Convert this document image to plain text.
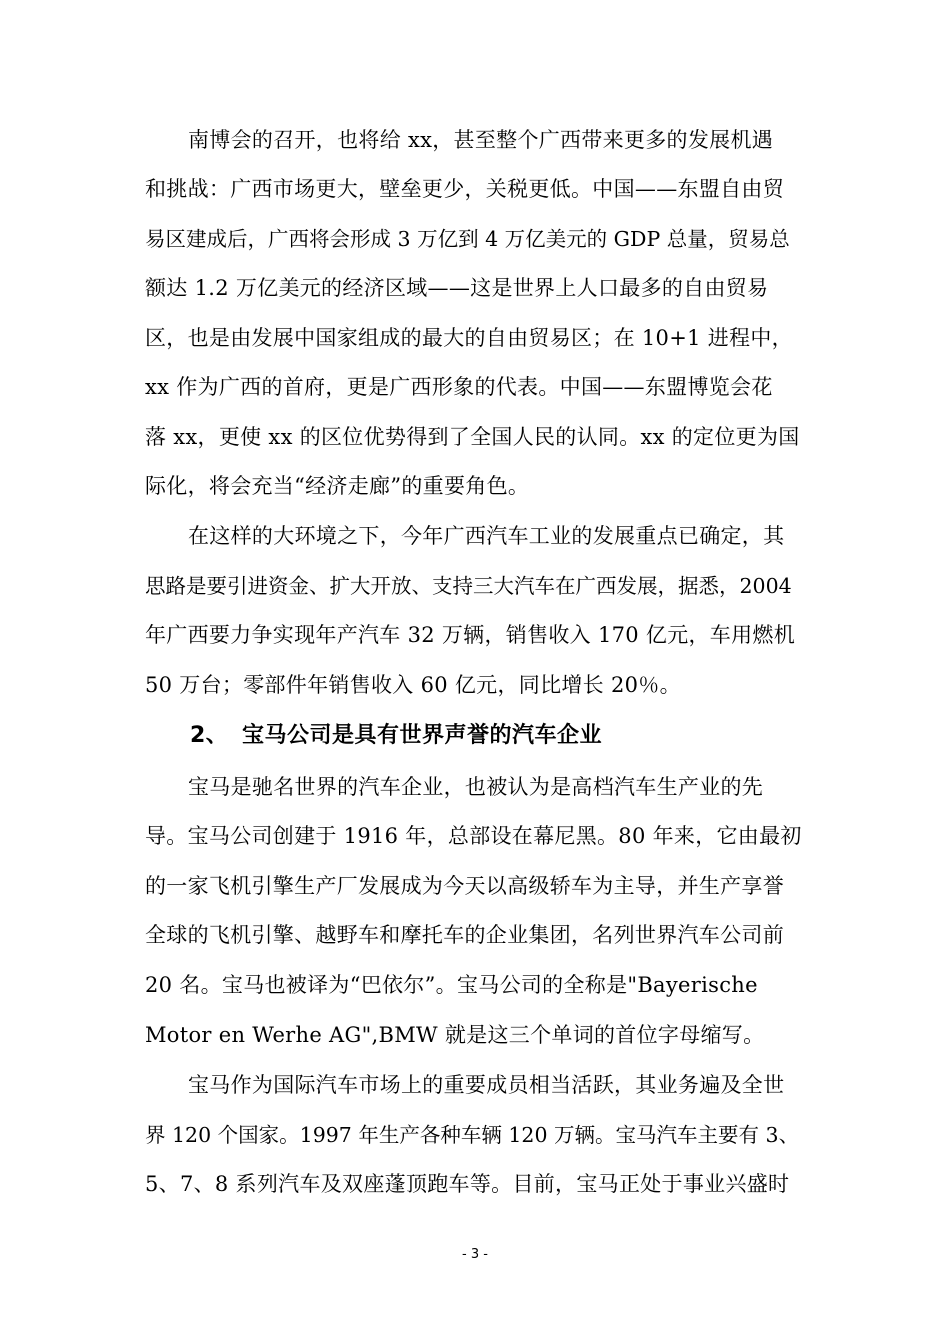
南博会的召开，也将给 xx，甚至整个广西带来更多的发展机遇
和挑战：广西市场更大，壁垒更少，关税更低。中国——东盟自由贸
易区建成后，广西将会形成 3 万亿到 4 万亿美元的 GDP 总量，贸易总
额达 1.2 万亿美元的经济区域——这是世界上人口最多的自由贸易
区，也是由发展中国家组成的最大的自由贸易区；在 10+1 进程中，
xx 作为广西的首府，更是广西形象的代表。中国——东盟博览会花
落 xx，更使 xx 的区位优势得到了全国人民的认同。xx 的定位更为国
际化，将会充当“经济走廊”的重要角色。
在这样的大环境之下，今年广西汽车工业的发展重点已确定，其
思路是要引进资金、扩大开放、支持三大汽车在广西发展，据悉，2004
年广西要力争实现年产汽车 32 万辆，销售收入 170 亿元，车用燃机
50 万台；零部件年销售收入 60 亿元，同比增长 20％。
2、 宝马公司是具有世界声誉的汽车企业
宝马是驰名世界的汽车企业，也被认为是高档汽车生产业的先
导。宝马公司创建于 1916 年，总部设在幕尼黑。80 年来，它由最初
的一家飞机引擎生产厂发展成为今天以高级轿车为主导，并生产享誉
全球的飞机引擎、越野车和摩托车的企业集团，名列世界汽车公司前
20 名。宝马也被译为“巴依尔”。宝马公司的全称是"Bayerische
Motor en Werhe AG",BMW 就是这三个单词的首位字母缩写。
宝马作为国际汽车市场上的重要成员相当活跃，其业务遍及全世
界 120 个国家。1997 年生产各种车辆 120 万辆。宝马汽车主要有 3、
5、7、8 系列汽车及双座蓬顶跑车等。目前，宝马正处于事业兴盛时
- 3 -
